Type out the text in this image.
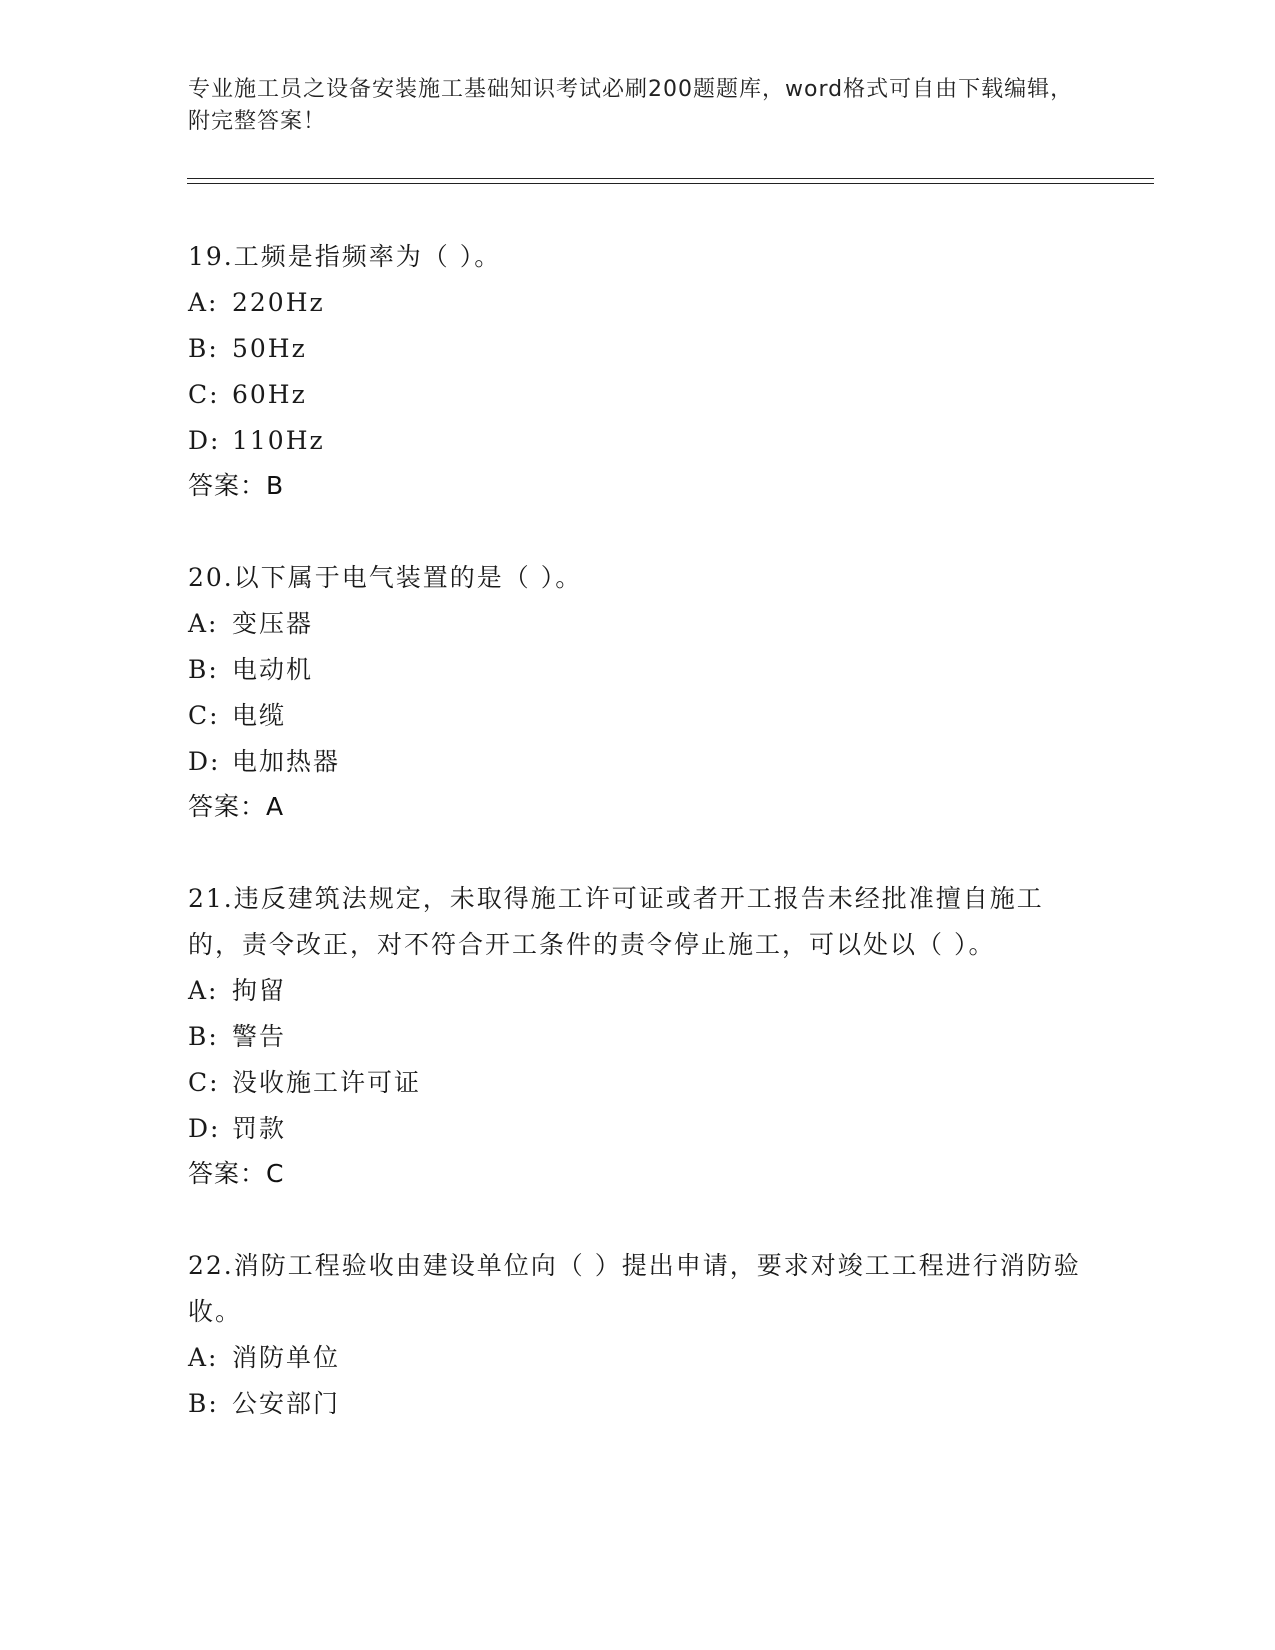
专业施工员之设备安装施工基础知识考试必刷200题题库，word格式可自由下载编辑，附完整答案！
19.工频是指频率为（ ）。
A: 220Hz
B: 50Hz
C: 60Hz
D: 110Hz
答案：B
20.以下属于电气装置的是（ ）。
A: 变压器
B: 电动机
C: 电缆
D: 电加热器
答案：A
21.违反建筑法规定，未取得施工许可证或者开工报告未经批准擅自施工的，责令改正，对不符合开工条件的责令停止施工，可以处以（ ）。
A: 拘留
B: 警告
C: 没收施工许可证
D: 罚款
答案：C
22.消防工程验收由建设单位向（ ）提出申请，要求对竣工工程进行消防验收。
A: 消防单位
B: 公安部门
